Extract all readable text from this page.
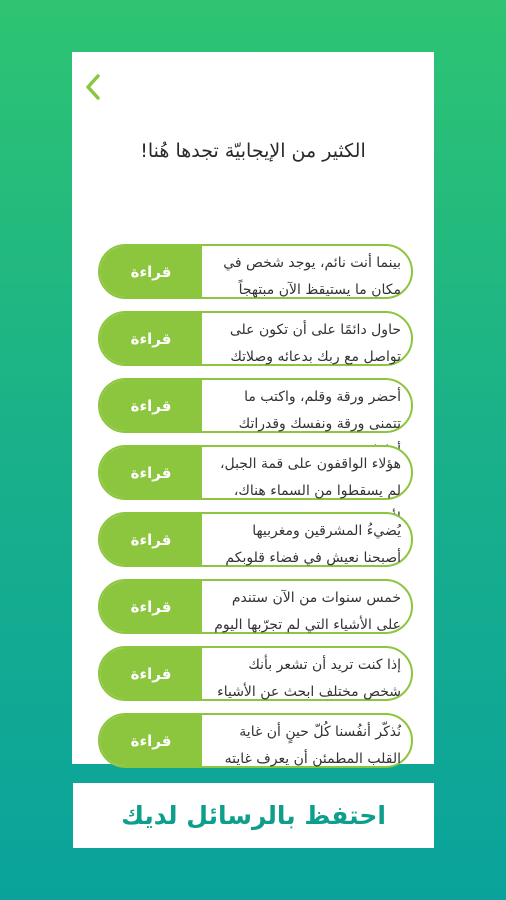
الكثير من الإيجابيّة تجدها هُنا!
قراءة	بينما أنت نائم، يوجد شخص في
مكان ما يستيقظ الآن مبتهجاً
قراءة	حاول دائمًا على أن تكون على
تواصل مع ربك بدعائه وصلاتك
قراءة	أحضر ورقة وقلم، واكتب ما
تتمنى ورقة ونفسك وقدراتك
قراءة	هؤلاء الواقفون على قمة الجبل،
لم يسقطوا من السماء هناك،
قراءة	يُضيءُ المشرقين ومغربيها
أصبحنا نعيش في فضاء قلوبكم
قراءة	خمس سنوات من الآن ستندم
على الأشياء التي لم تجرّبها اليوم
قراءة	إذا كنت تريد أن تشعر بأنك
شخص مختلف ابحث عن الأشياء
قراءة	نُذكّر أنفُسنا كُلّ حينٍ أن غاية
القلب المطمئن أن يعرف غايته
احتفظ بالرسائل لديك
